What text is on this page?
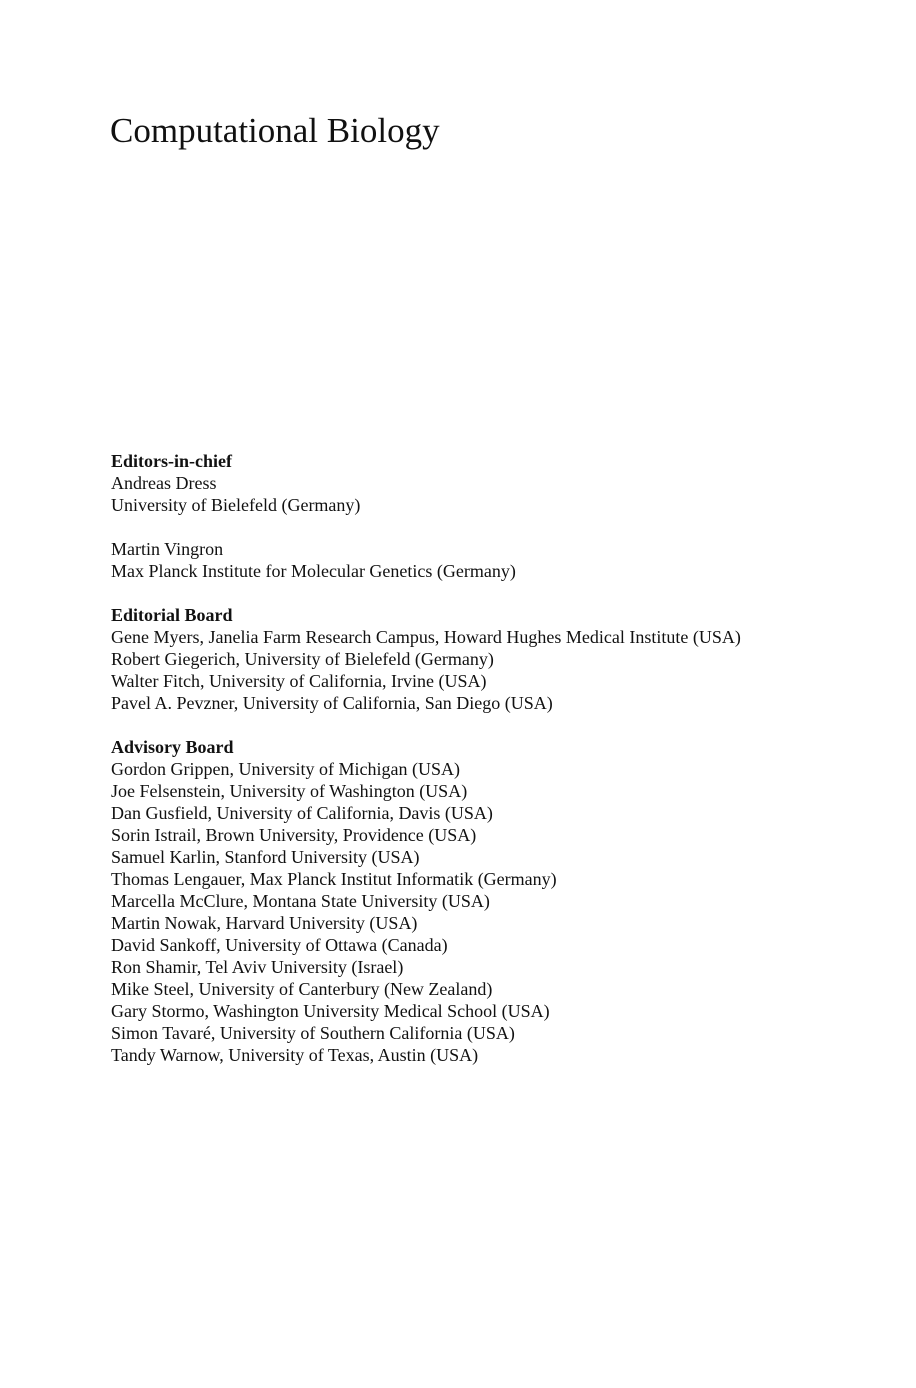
Computational Biology
Editors-in-chief

Andreas Dress

University of Bielefeld (Germany)

Martin Vingron

Max Planck Institute for Molecular Genetics (Germany)

Editorial Board

Gene Myers, Janelia Farm Research Campus, Howard Hughes Medical Institute (USA)

Robert Giegerich, University of Bielefeld (Germany)

Walter Fitch, University of California, Irvine (USA)

Pavel A. Pevzner, University of California, San Diego (USA)

Advisory Board

Gordon Grippen, University of Michigan (USA)

Joe Felsenstein, University of Washington (USA)

Dan Gusfield, University of California, Davis (USA)

Sorin Istrail, Brown University, Providence (USA)

Samuel Karlin, Stanford University (USA)

Thomas Lengauer, Max Planck Institut Informatik (Germany)

Marcella McClure, Montana State University (USA)

Martin Nowak, Harvard University (USA)

David Sankoff, University of Ottawa (Canada)

Ron Shamir, Tel Aviv University (Israel)

Mike Steel, University of Canterbury (New Zealand)

Gary Stormo, Washington University Medical School (USA)

Simon Tavaré, University of Southern California (USA)

Tandy Warnow, University of Texas, Austin (USA)
